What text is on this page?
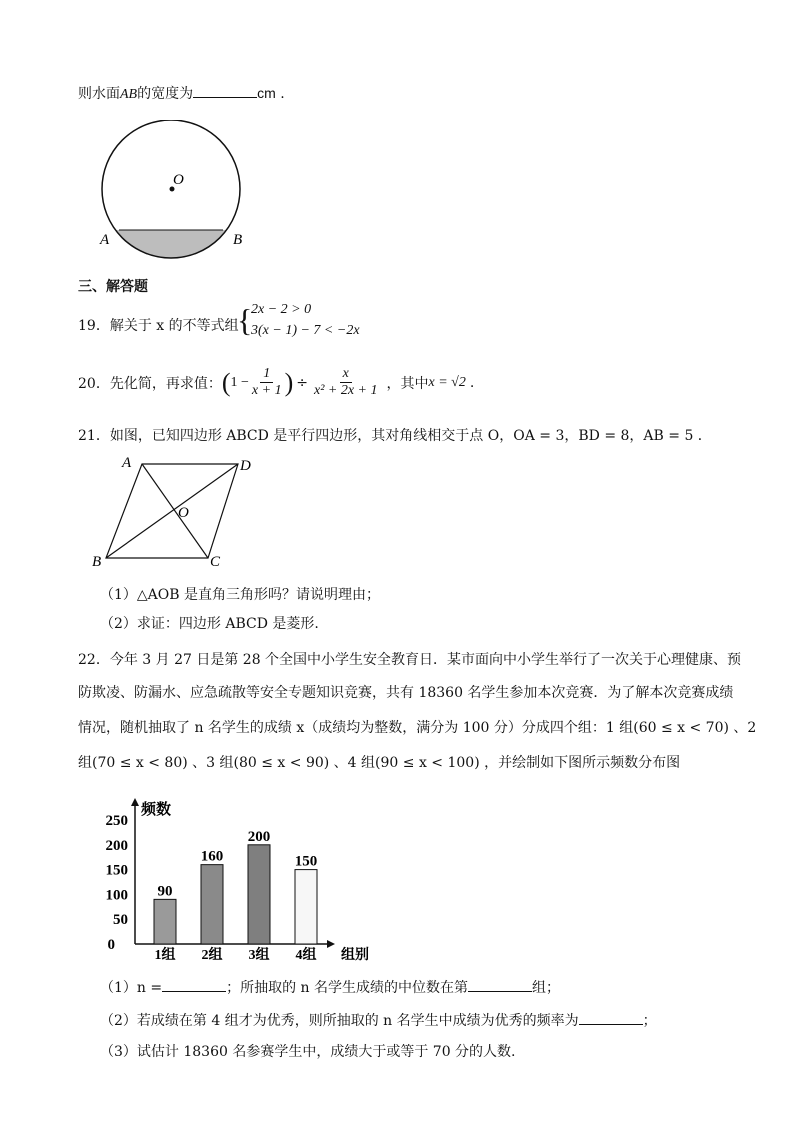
则水面AB的宽度为	cm .
O
A	B
三、解答题
19．解关于 x 的不等式组
{
2x − 2 > 0
3(x − 1) − 7 < −2x
20． 先化简，再求值： ( $1 - \frac{1}{x + 1}$ ) ÷ $\frac{x}{\text{x² + 2x + 1}}$ ，其中 x = √2 .
21．如图，已知四边形 ABCD 是平行四边形，其对角线相交于点 O，OA = 3，BD = 8，AB = 5 ．
A	D
O
B	C
（1）△AOB 是直角三角形吗？请说明理由；
（2）求证：四边形 ABCD 是菱形.
22．今年 3 月 27 日是第 28 个全国中小学生安全教育日．某市面向中小学生举行了一次关于心理健康、预
防欺凌、防漏水、应急疏散等安全专题知识竞赛，共有 18360 名学生参加本次竞赛．为了解本次竞赛成绩
情况，随机抽取了 n 名学生的成绩 x（成绩均为整数，满分为 100 分）分成四个组：1 组(60 ≤ x < 70) 、2
组(70 ≤ x < 80) 、3 组(80 ≤ x < 90) 、4 组(90 ≤ x < 100) ，并绘制如下图所示频数分布图
频数
0
50
100
150
200
250
90
1组
160
2组
200
3组
150
4组 组别
（1）n =	；所抽取的 n 名学生成绩的中位数在第	组；
（2）若成绩在第 4 组才为优秀，则所抽取的 n 名学生中成绩为优秀的频率为	；
（3）试估计 18360 名参赛学生中，成绩大于或等于 70 分的人数.
